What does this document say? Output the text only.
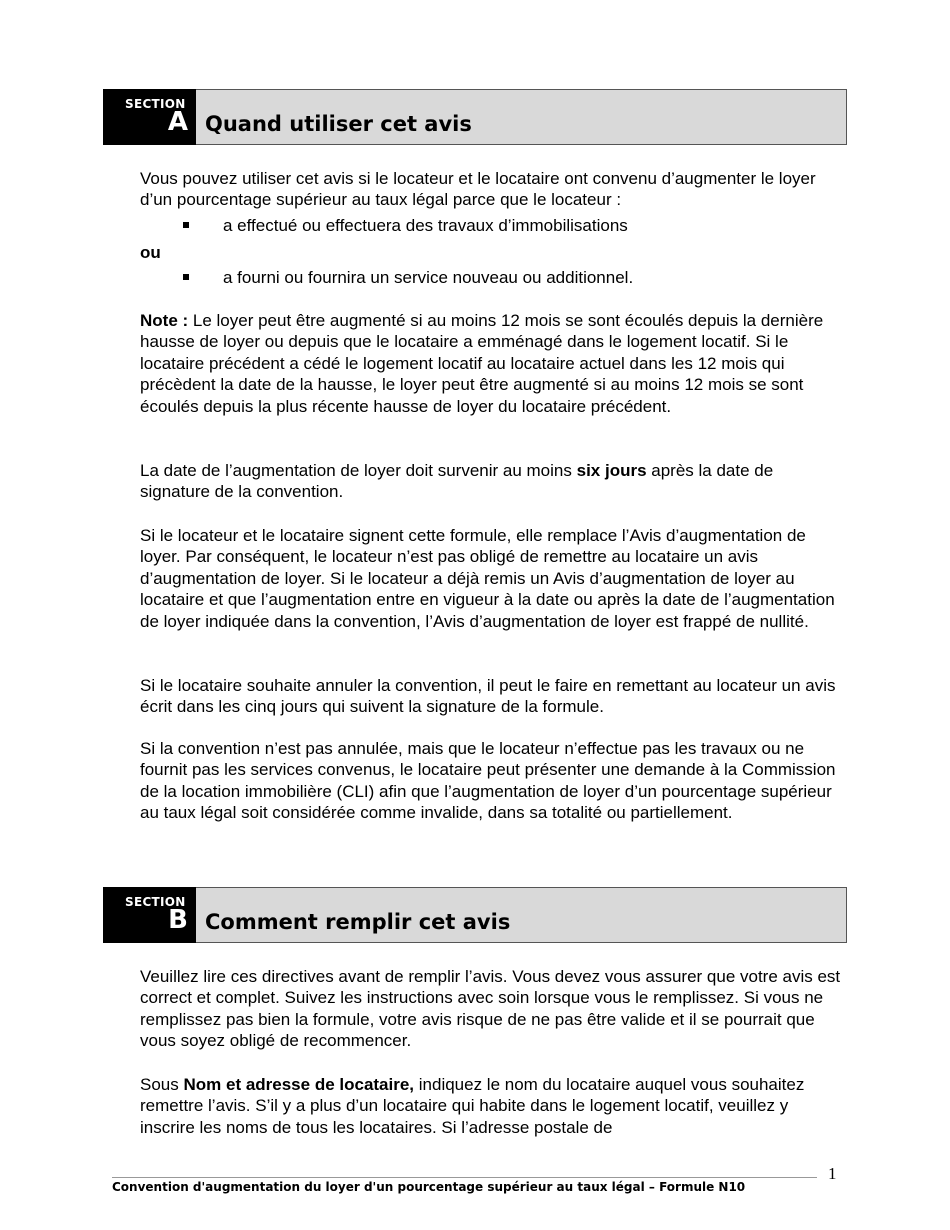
SECTION
A Quand utiliser cet avis
Vous pouvez utiliser cet avis si le locateur et le locataire ont convenu d’augmenter le loyer d’un pourcentage supérieur au taux légal parce que le locateur :
a effectué ou effectuera des travaux d’immobilisations
ou
a fourni ou fournira un service nouveau ou additionnel.
Note : Le loyer peut être augmenté si au moins 12 mois se sont écoulés depuis la dernière hausse de loyer ou depuis que le locataire a emménagé dans le logement locatif. Si le locataire précédent a cédé le logement locatif au locataire actuel dans les 12 mois qui précèdent la date de la hausse, le loyer peut être augmenté si au moins 12 mois se sont écoulés depuis la plus récente hausse de loyer du locataire précédent.
La date de l’augmentation de loyer doit survenir au moins six jours après la date de signature de la convention.
Si le locateur et le locataire signent cette formule, elle remplace l’Avis d’augmentation de loyer. Par conséquent, le locateur n’est pas obligé de remettre au locataire un avis d’augmentation de loyer. Si le locateur a déjà remis un Avis d’augmentation de loyer au locataire et que l’augmentation entre en vigueur à la date ou après la date de l’augmentation de loyer indiquée dans la convention, l’Avis d’augmentation de loyer est frappé de nullité.
Si le locataire souhaite annuler la convention, il peut le faire en remettant au locateur un avis écrit dans les cinq jours qui suivent la signature de la formule.
Si la convention n’est pas annulée, mais que le locateur n’effectue pas les travaux ou ne fournit pas les services convenus, le locataire peut présenter une demande à la Commission de la location immobilière (CLI) afin que l’augmentation de loyer d’un pourcentage supérieur au taux légal soit considérée comme invalide, dans sa totalité ou partiellement.
SECTION
B Comment remplir cet avis
Veuillez lire ces directives avant de remplir l’avis. Vous devez vous assurer que votre avis est correct et complet. Suivez les instructions avec soin lorsque vous le remplissez. Si vous ne remplissez pas bien la formule, votre avis risque de ne pas être valide et il se pourrait que vous soyez obligé de recommencer.
Sous Nom et adresse de locataire, indiquez le nom du locataire auquel vous souhaitez remettre l’avis. S’il y a plus d’un locataire qui habite dans le logement locatif, veuillez y inscrire les noms de tous les locataires. Si l’adresse postale de
Convention d'augmentation du loyer d'un pourcentage supérieur au taux légal – Formule N10
1
